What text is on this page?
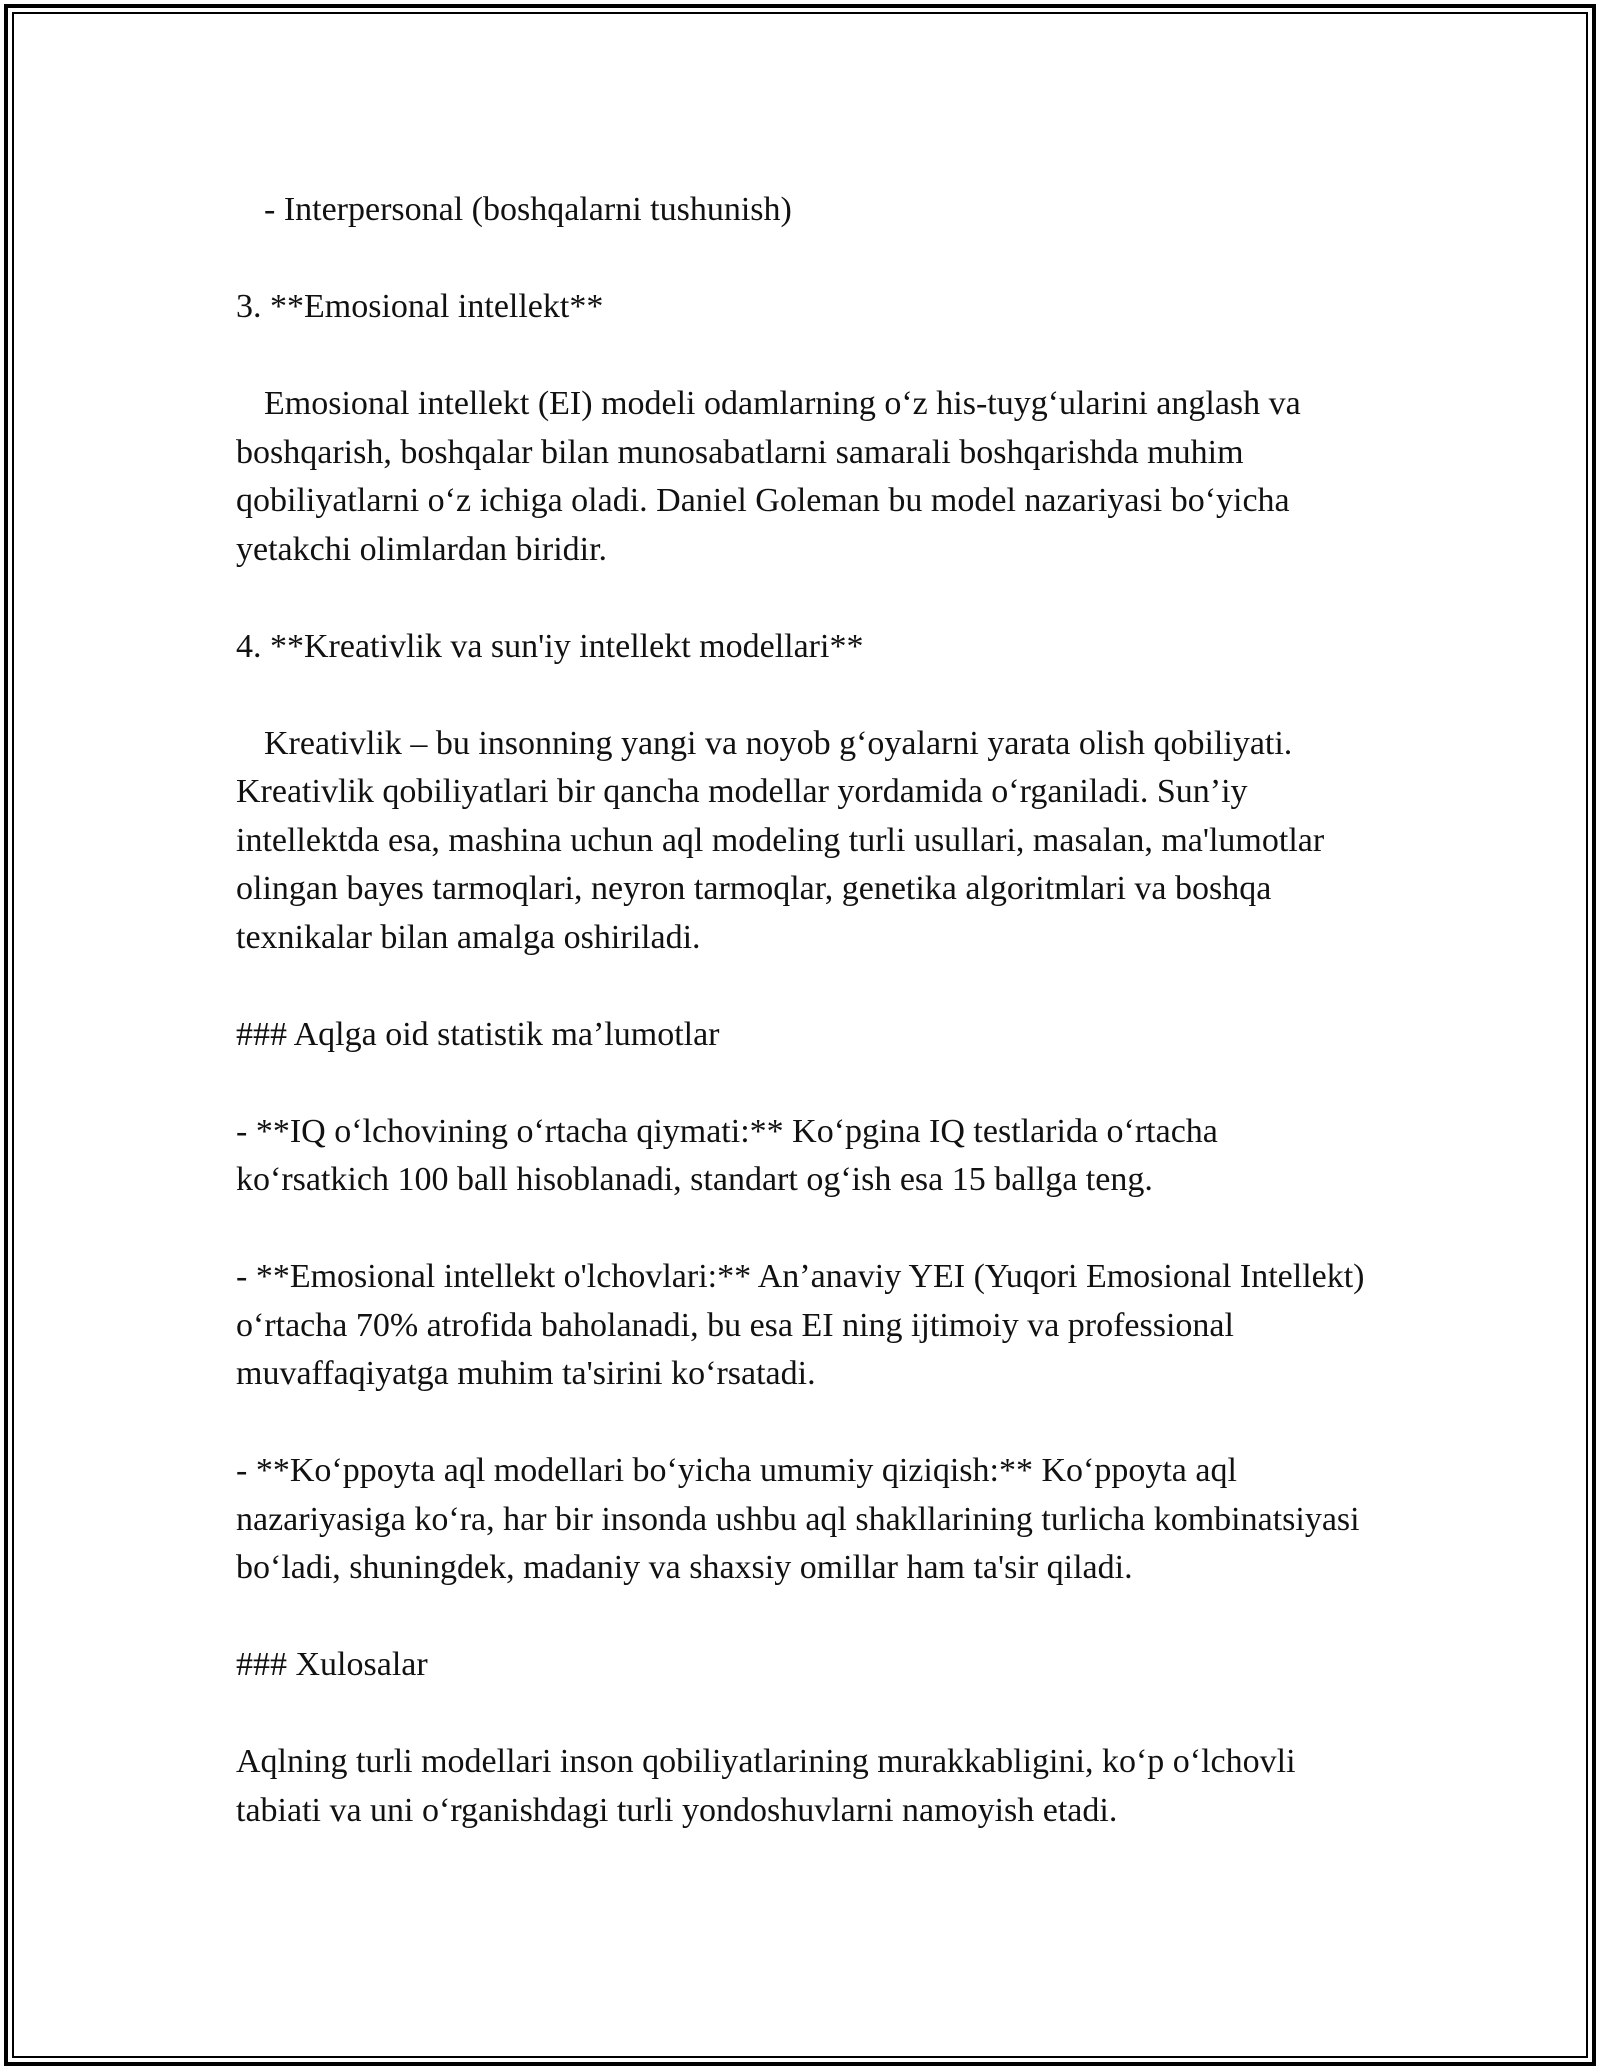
- Interpersonal (boshqalarni tushunish)

3. **Emosional intellekt**

Emosional intellekt (EI) modeli odamlarning o‘z his-tuyg‘ularini anglash va boshqarish, boshqalar bilan munosabatlarni samarali boshqarishda muhim qobiliyatlarni o‘z ichiga oladi. Daniel Goleman bu model nazariyasi bo‘yicha yetakchi olimlardan biridir.

4. **Kreativlik va sun'iy intellekt modellari**

Kreativlik – bu insonning yangi va noyob g‘oyalarni yarata olish qobiliyati. Kreativlik qobiliyatlari bir qancha modellar yordamida o‘rganiladi. Sun’iy intellektda esa, mashina uchun aql modeling turli usullari, masalan, ma'lumotlar olingan bayes tarmoqlari, neyron tarmoqlar, genetika algoritmlari va boshqa texnikalar bilan amalga oshiriladi.

### Aqlga oid statistik ma’lumotlar

- **IQ o‘lchovining o‘rtacha qiymati:** Ko‘pgina IQ testlarida o‘rtacha ko‘rsatkich 100 ball hisoblanadi, standart og‘ish esa 15 ballga teng.

- **Emosional intellekt o'lchovlari:** An’anaviy YEI (Yuqori Emosional Intellekt) o‘rtacha 70% atrofida baholanadi, bu esa EI ning ijtimoiy va professional muvaffaqiyatga muhim ta'sirini ko‘rsatadi.

- **Ko‘ppoyta aql modellari bo‘yicha umumiy qiziqish:** Ko‘ppoyta aql nazariyasiga ko‘ra, har bir insonda ushbu aql shakllarining turlicha kombinatsiyasi bo‘ladi, shuningdek, madaniy va shaxsiy omillar ham ta'sir qiladi.

### Xulosalar

Aqlning turli modellari inson qobiliyatlarining murakkabligini, ko‘p o‘lchovli tabiati va uni o‘rganishdagi turli yondoshuvlarni namoyish etadi.
